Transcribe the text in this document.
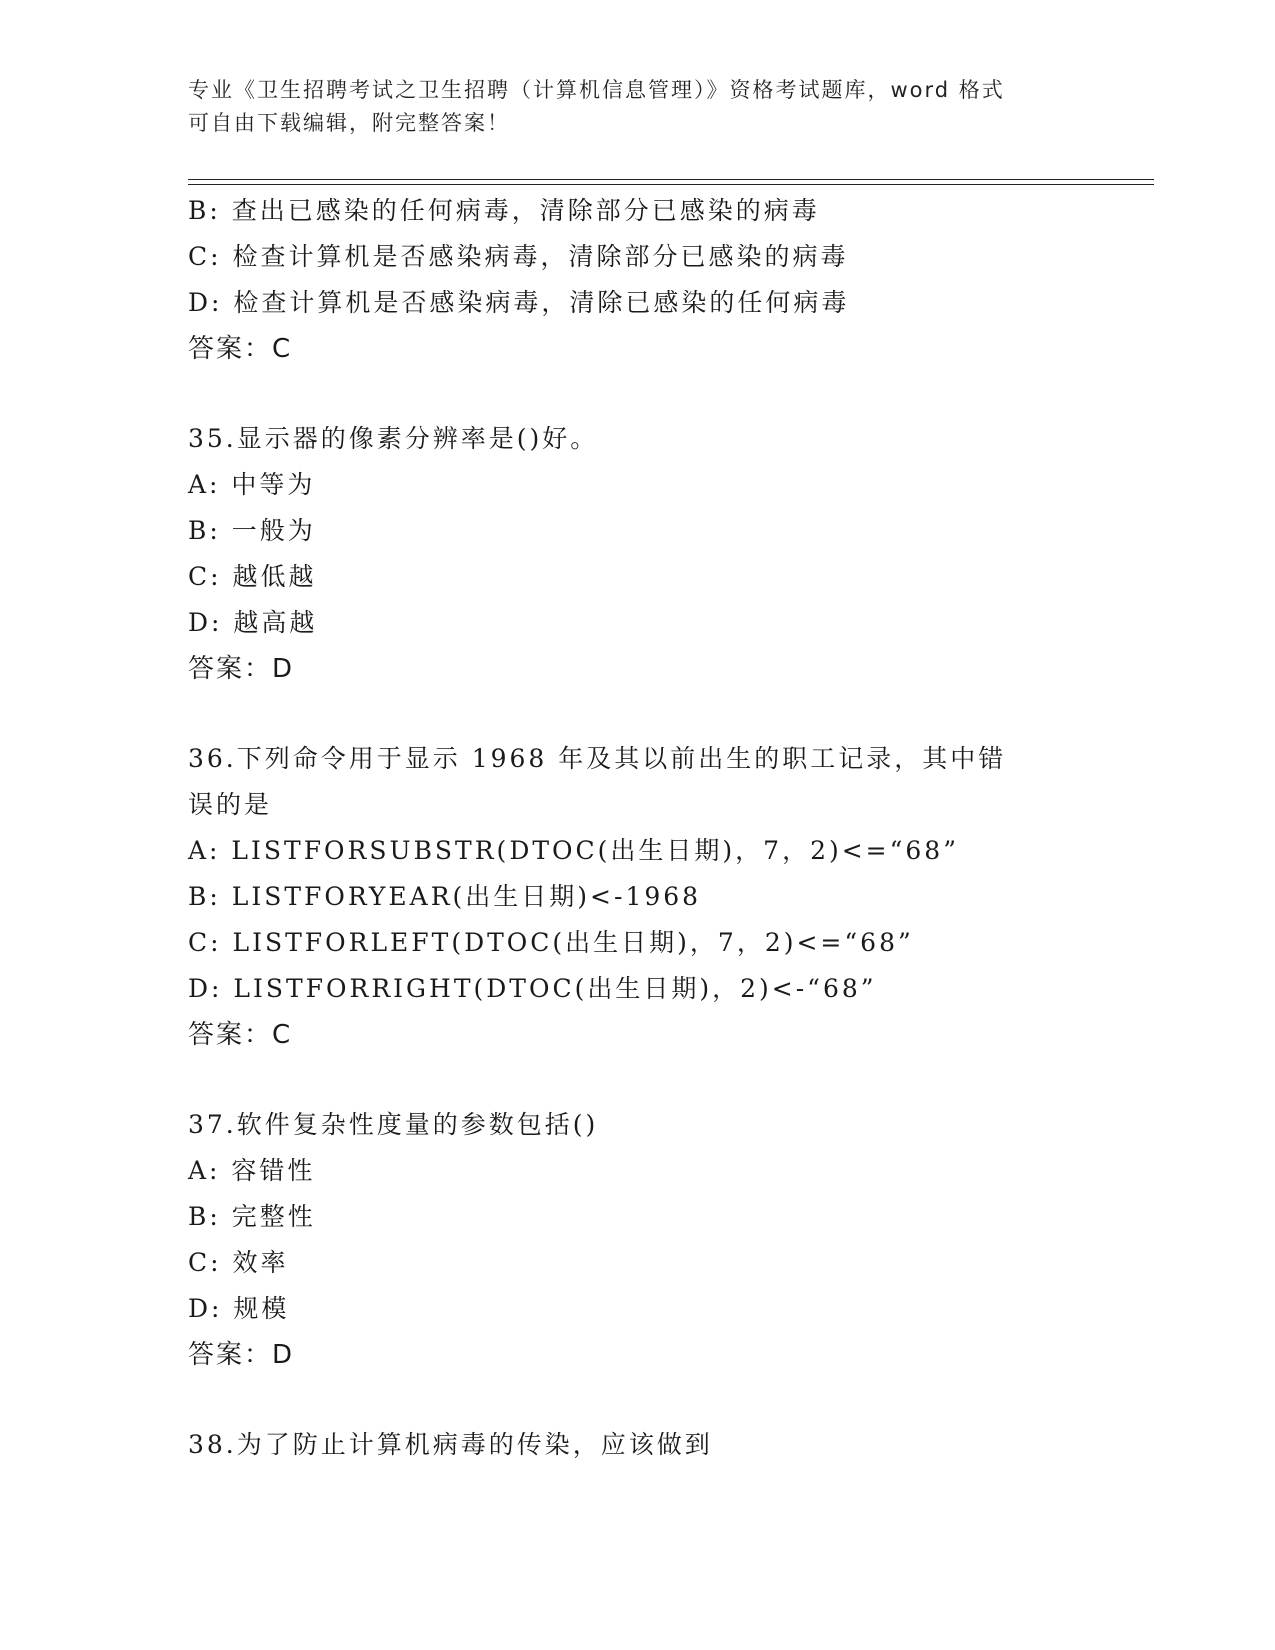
专业《卫生招聘考试之卫生招聘（计算机信息管理）》资格考试题库，word 格式
可自由下载编辑，附完整答案！
B: 查出已感染的任何病毒，清除部分已感染的病毒
C: 检查计算机是否感染病毒，清除部分已感染的病毒
D: 检查计算机是否感染病毒，清除已感染的任何病毒
答案：C
35.显示器的像素分辨率是()好。
A: 中等为
B: 一般为
C: 越低越
D: 越高越
答案：D
36.下列命令用于显示 1968 年及其以前出生的职工记录，其中错误的是
A: LISTFORSUBSTR(DTOC(出生日期)，7，2)<=“68”
B: LISTFORYEAR(出生日期)<-1968
C: LISTFORLEFT(DTOC(出生日期)，7，2)<=“68”
D: LISTFORRIGHT(DTOC(出生日期)，2)<-“68”
答案：C
37.软件复杂性度量的参数包括()
A: 容错性
B: 完整性
C: 效率
D: 规模
答案：D
38.为了防止计算机病毒的传染，应该做到
